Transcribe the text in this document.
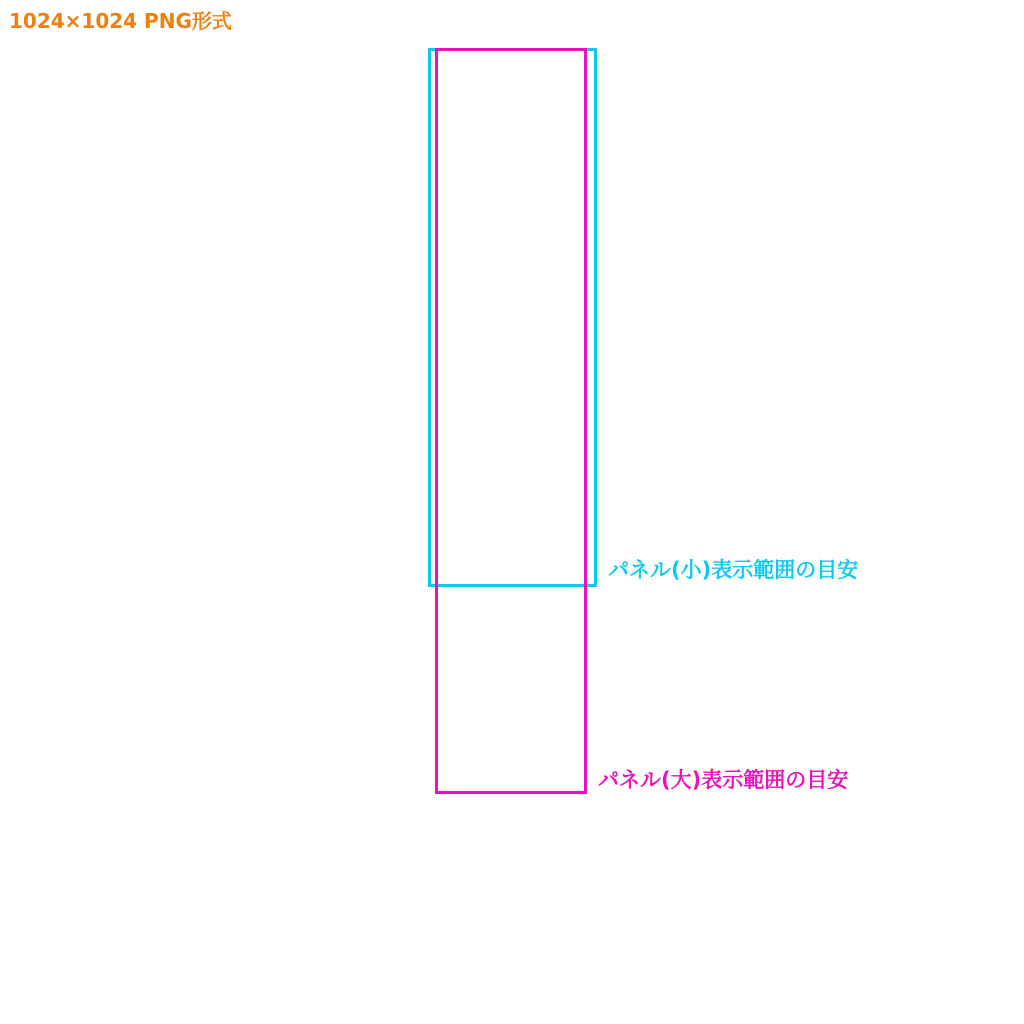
1024×1024 PNG形式
パネル(小)表示範囲の目安
パネル(大)表示範囲の目安
